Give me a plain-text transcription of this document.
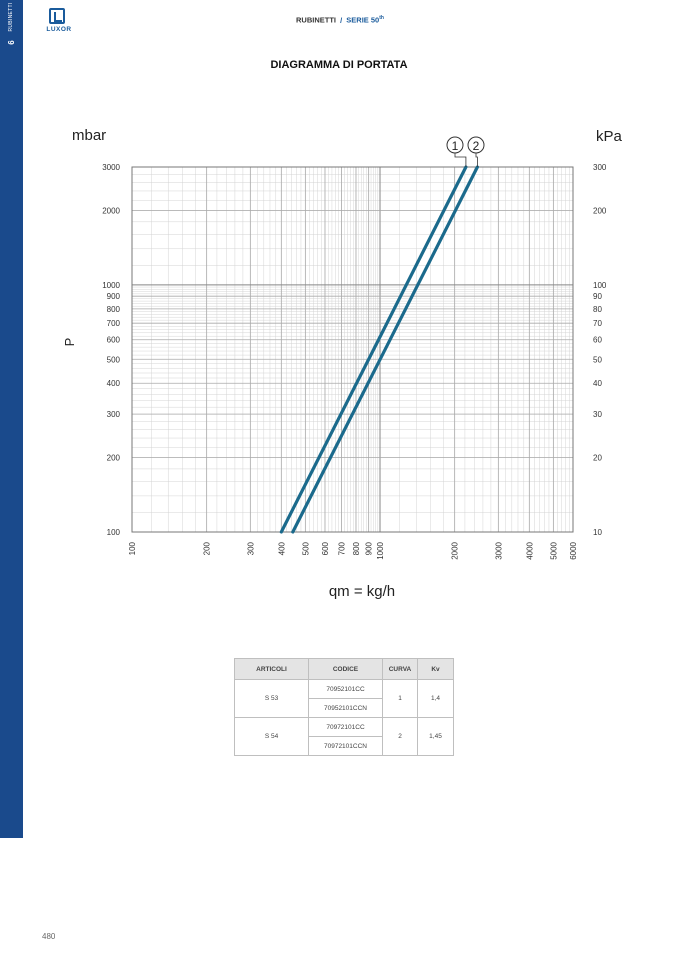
RUBINETTI
6
LUXOR
RUBINETTI / SERIE 50th
DIAGRAMMA DI PORTATA
100
200
300
400
500
600
700
800
900
1000
2000
3000
10
20
30
40
50
60
70
80
90
100
200
300
100	200	300	400 500 600 700 800 900 1000	2000	3000	4000 5000 6000
mbar	kPa
P
qm = kg/h
1 2
ARTICOLI	CODICE	CURVA	Kv
S 53	70952101CC	1	1,4
	70952101CCN		
S 54	70972101CC	2	1,45
	70972101CCN		
480
